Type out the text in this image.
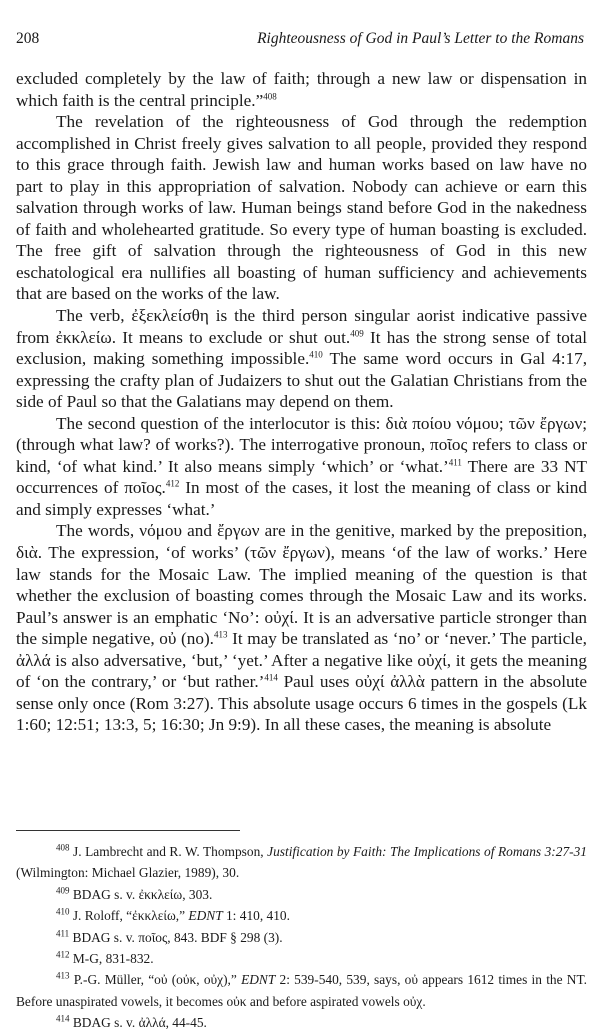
208	Righteousness of God in Paul’s Letter to the Romans

excluded completely by the law of faith; through a new law or dispensation in which faith is the central principle.”$^{408}$

The revelation of the righteousness of God through the redemption accomplished in Christ freely gives salvation to all people, provided they respond to this grace through faith. Jewish law and human works based on law have no part to play in this appropriation of salvation. Nobody can achieve or earn this salvation through works of law. Human beings stand before God in the nakedness of faith and wholehearted gratitude. So every type of human boasting is excluded. The free gift of salvation through the righteousness of God in this new eschatological era nullifies all boasting of human sufficiency and achievements that are based on the works of the law.

The verb, ἐξεκλείσθη is the third person singular aorist indicative passive from ἐκκλείω. It means to exclude or shut out.$^{409}$ It has the strong sense of total exclusion, making something impossible.$^{410}$ The same word occurs in Gal 4:17, expressing the crafty plan of Judaizers to shut out the Galatian Christians from the side of Paul so that the Galatians may depend on them.

The second question of the interlocutor is this: διὰ ποίου νόμου; τῶν ἔργων; (through what law? of works?). The interrogative pronoun, ποῖος refers to class or kind, ‘of what kind.’ It also means simply ‘which’ or ‘what.’$^{411}$ There are 33 NT occurrences of ποῖος.$^{412}$ In most of the cases, it lost the meaning of class or kind and simply expresses ‘what.’

The words, νόμου and ἔργων are in the genitive, marked by the preposition, διὰ. The expression, ‘of works’ (τῶν ἔργων), means ‘of the law of works.’ Here law stands for the Mosaic Law. The implied meaning of the question is that whether the exclusion of boasting comes through the Mosaic Law and its works. Paul’s answer is an emphatic ‘No’: οὐχί. It is an adversative particle stronger than the simple negative, οὐ (no).$^{413}$ It may be translated as ‘no’ or ‘never.’ The particle, ἀλλά is also adversative, ‘but,’ ‘yet.’ After a negative like οὐχί, it gets the meaning of ‘on the contrary,’ or ‘but rather.’$^{414}$ Paul uses οὐχί ἀλλὰ pattern in the absolute sense only once (Rom 3:27). This absolute usage occurs 6 times in the gospels (Lk 1:60; 12:51; 13:3, 5; 16:30; Jn 9:9). In all these cases, the meaning is absolute

$^{408}$ J. Lambrecht and R. W. Thompson, Justification by Faith: The Implications of Romans 3:27-31 (Wilmington: Michael Glazier, 1989), 30.

$^{409}$ BDAG s. v. ἐκκλείω, 303.

$^{410}$ J. Roloff, “ἐκκλείω,” EDNT 1: 410, 410.

$^{411}$ BDAG s. v. ποῖος, 843. BDF § 298 (3).

$^{412}$ M-G, 831-832.

$^{413}$ P.-G. Müller, “οὐ (οὐκ, οὐχ),” EDNT 2: 539-540, 539, says, οὐ appears 1612 times in the NT. Before unaspirated vowels, it becomes οὐκ and before aspirated vowels οὐχ.

$^{414}$ BDAG s. v. ἀλλά, 44-45.
